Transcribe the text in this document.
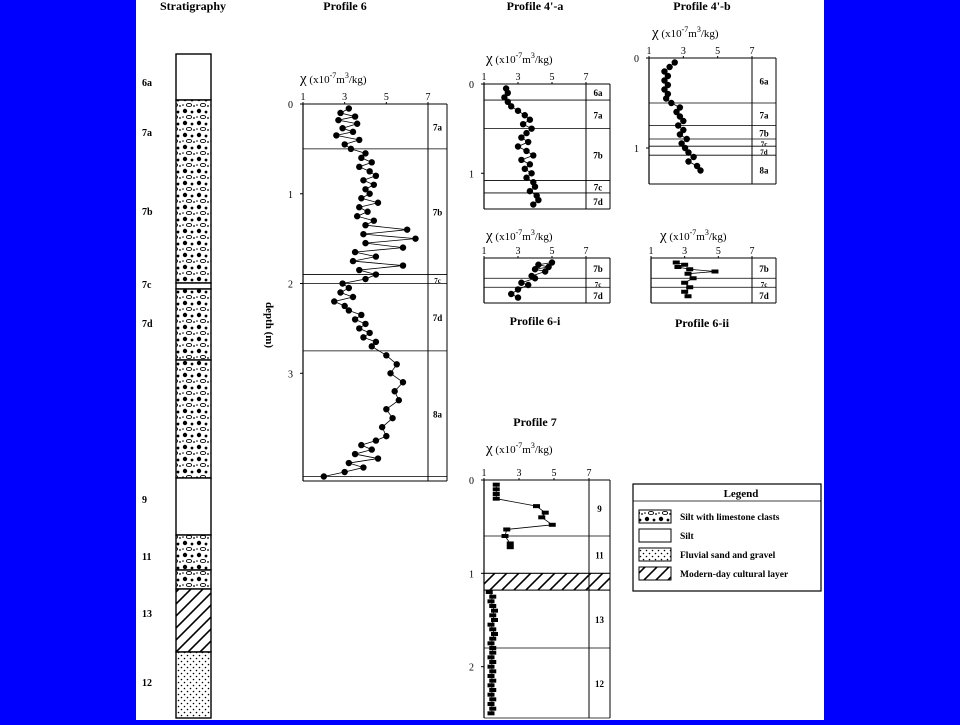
Stratigraphy
6a
7a
7b
7c
7d
9
11
13
12
Profile 6
χ $(x10^{-7}m^3/kg)$
1	3	5	7
0
1
2
3
7a
7b
7c
7d
8a
Profile 4'-a
χ $(x10^{-7}m^3/kg)$
1	3	5	7
0
1
6a
7a
7b
7c
7d
Profile 4'-b
χ $(x10^{-7}m^3/kg)$
1	3	5	7
0
1
6a
7a
7b
7c
7d
8a
Profile 6-i
χ $(x10^{-7}m^3/kg)$
1	3	5	7
7b
7c
7d
Profile 6-ii
χ $(x10^{-7}m^3/kg)$
1	3	5	7
7b
7c
7d
Profile 7
χ $(x10^{-7}m^3/kg)$
1	3	5	7
0
1
2
9
11
13
12
depth (m)
Legend
Silt with limestone clasts
Silt
Fluvial sand and gravel
Modern-day cultural layer
